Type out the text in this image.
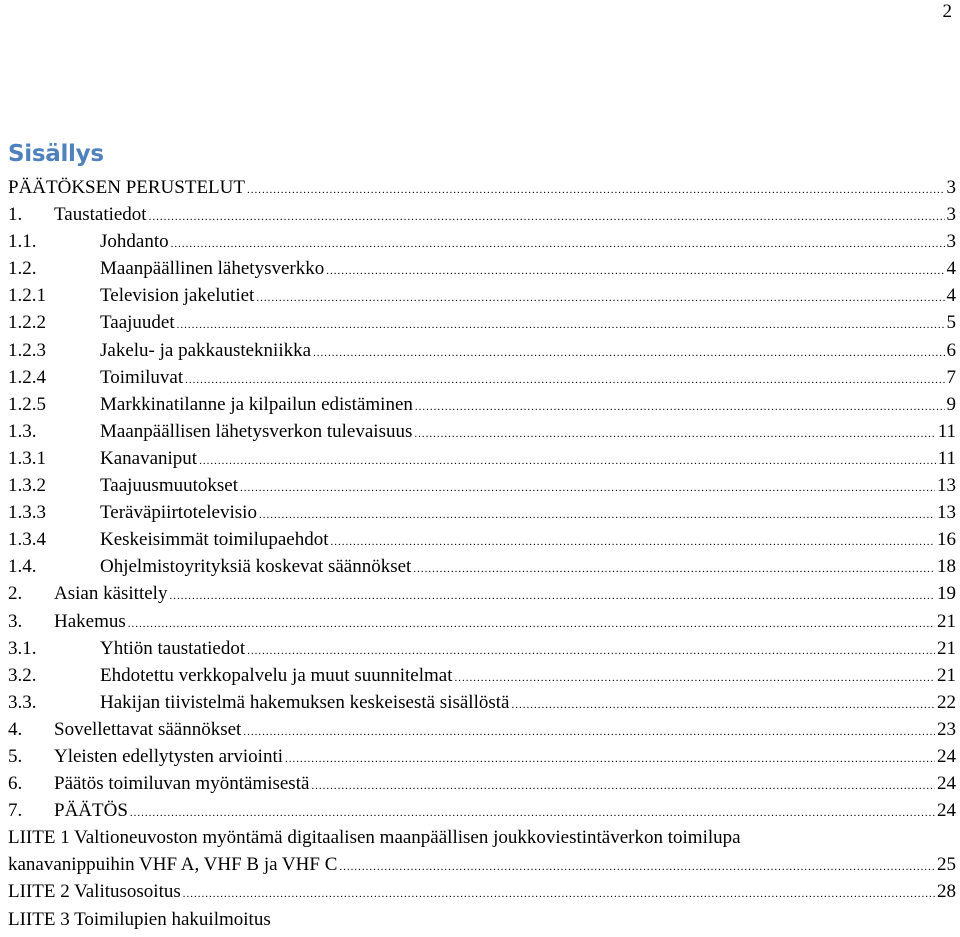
2
Sisällys
PÄÄTÖKSEN PERUSTELUT .....	3
1.	Taustatiedot .....	3
1.1.	Johdanto .....	3
1.2.	Maanpäällinen lähetysverkko .....	4
1.2.1	Television jakelutiet .....	4
1.2.2	Taajuudet .....	5
1.2.3	Jakelu- ja pakkaustekniikka .....	6
1.2.4	Toimiluvat .....	7
1.2.5	Markkinatilanne ja kilpailun edistäminen .....	9
1.3.	Maanpäällisen lähetysverkon tulevaisuus .....	11
1.3.1	Kanavaniput .....	11
1.3.2	Taajuusmuutokset .....	13
1.3.3	Teräväpiirtotelevisio .....	13
1.3.4	Keskeisimmät toimilupaehdot .....	16
1.4.	Ohjelmistoyrityksiä koskevat säännökset .....	18
2.	Asian käsittely .....	19
3.	Hakemus .....	21
3.1.	Yhtiön taustatiedot .....	21
3.2.	Ehdotettu verkkopalvelu ja muut suunnitelmat .....	21
3.3.	Hakijan tiivistelmä hakemuksen keskeisestä sisällöstä .....	22
4.	Sovellettavat säännökset .....	23
5.	Yleisten edellytysten arviointi .....	24
6.	Päätös toimiluvan myöntämisestä .....	24
7.	PÄÄTÖS .....	24
LIITE 1 Valtioneuvoston myöntämä digitaalisen maanpäällisen joukkoviestintäverkon toimilupa
kanavanippuihin VHF A, VHF B ja VHF C .....	25
LIITE 2 Valitusosoitus .....	28
LIITE 3 Toimilupien hakuilmoitus
